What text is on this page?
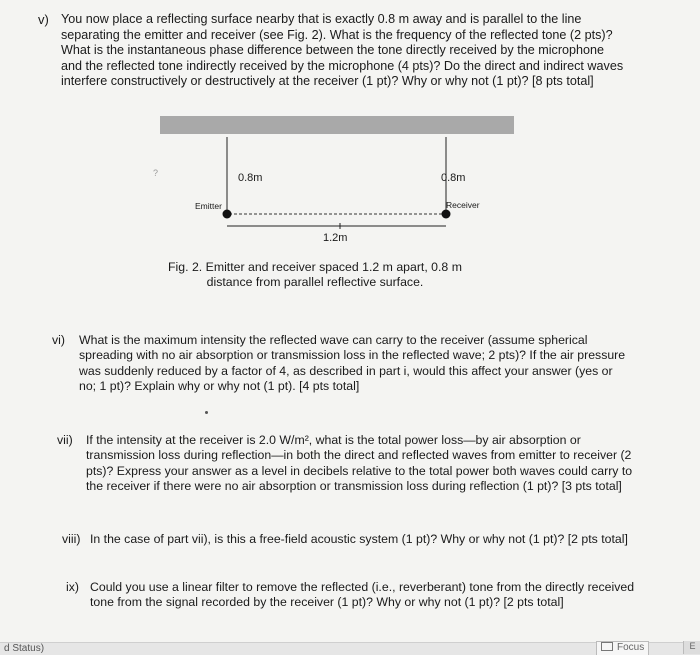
v) You now place a reflecting surface nearby that is exactly 0.8 m away and is parallel to the line
separating the emitter and receiver (see Fig. 2). What is the frequency of the reflected tone (2 pts)?
What is the instantaneous phase difference between the tone directly received by the microphone
and the reflected tone indirectly received by the microphone (4 pts)? Do the direct and indirect waves
interfere constructively or destructively at the receiver (1 pt)? Why or why not (1 pt)? [8 pts total]
?	0.8m	0.8m
Emitter	Receiver
1.2m
Fig. 2. Emitter and receiver spaced 1.2 m apart, 0.8 m
distance from parallel reflective surface.
vi) What is the maximum intensity the reflected wave can carry to the receiver (assume spherical
spreading with no air absorption or transmission loss in the reflected wave; 2 pts)? If the air pressure
was suddenly reduced by a factor of 4, as described in part i, would this affect your answer (yes or
no; 1 pt)? Explain why or why not (1 pt). [4 pts total]
vii) If the intensity at the receiver is 2.0 W/m², what is the total power loss—by air absorption or
transmission loss during reflection—in both the direct and reflected waves from emitter to receiver (2
pts)? Express your answer as a level in decibels relative to the total power both waves could carry to
the receiver if there were no air absorption or transmission loss during reflection (1 pt)? [3 pts total]
viii) In the case of part vii), is this a free-field acoustic system (1 pt)? Why or why not (1 pt)? [2 pts total]
ix) Could you use a linear filter to remove the reflected (i.e., reverberant) tone from the directly received
tone from the signal recorded by the receiver (1 pt)? Why or why not (1 pt)? [2 pts total]
d Status)	Focus	E
